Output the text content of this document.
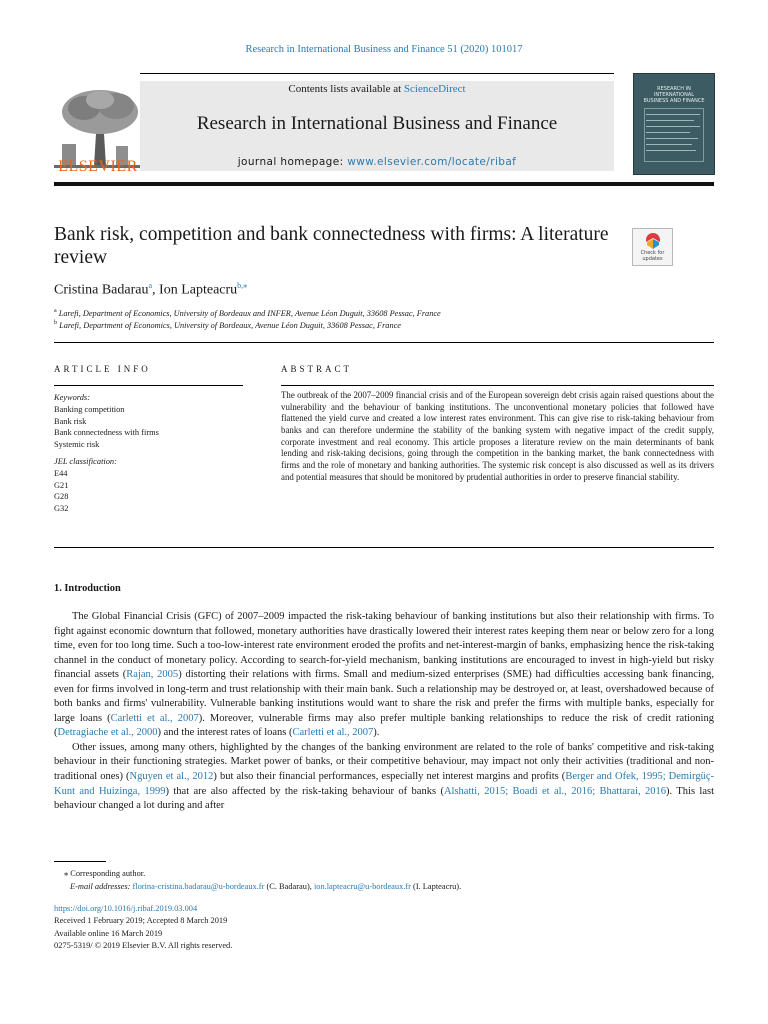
Research in International Business and Finance 51 (2020) 101017
ELSEVIER
Contents lists available at ScienceDirect
Research in International Business and Finance
journal homepage: www.elsevier.com/locate/ribaf
RESEARCH IN INTERNATIONAL BUSINESS AND FINANCE
Bank risk, competition and bank connectedness with firms: A literature review	Check for updates
Cristina Badarau$^a$, Ion Lapteacru$^{b,⁎}$
$^a$ Larefi, Department of Economics, University of Bordeaux and INFER, Avenue Léon Duguit, 33608 Pessac, France
$^b$ Larefi, Department of Economics, University of Bordeaux, Avenue Léon Duguit, 33608 Pessac, France
ARTICLE INFO
Keywords:
Banking competition
Bank risk
Bank connectedness with firms
Systemic risk
JEL classification:
E44
G21
G28
G32
ABSTRACT
The outbreak of the 2007–2009 financial crisis and of the European sovereign debt crisis again raised questions about the vulnerability and the behaviour of banking institutions. The unconventional monetary policies that followed have flattened the yield curve and created a low interest rates environment. This can give rise to risk-taking behaviour from banks and can therefore undermine the stability of the banking system with negative impact of the credit supply, corporate investment and real economy. This article proposes a literature review on the main determinants of bank lending and risk-taking decisions, going through the competition in the banking market, the bank connectedness with firms and the role of monetary and banking authorities. The systemic risk concept is also discussed as well as its drivers and potential measures that should be monitored by prudential authorities in order to preserve financial stability.
1. Introduction

The Global Financial Crisis (GFC) of 2007–2009 impacted the risk-taking behaviour of banking institutions but also their relationship with firms. To fight against economic downturn that followed, monetary authorities have drastically lowered their interest rates keeping them near or below zero for a long time, even for too long time. Such a too-low-interest rate environment eroded the profits and net-interest-margin of banks, emphasizing hence the risk-taking channel in the conduct of monetary policy. According to search-for-yield mechanism, banking institutions are encouraged to invest in high-yield but risky financial assets (Rajan, 2005) distorting their relations with firms. Small and medium-sized enterprises (SME) had difficulties accessing bank financing, even for firms involved in long-term and trust relationship with their main bank. Such a relationship may be destroyed or, at least, overshadowed because of both banks and firms' vulnerability. Vulnerable banking institutions would want to share the risk and prefer the firms with multiple banks, especially for large loans (Carletti et al., 2007). Moreover, vulnerable firms may also prefer multiple banking relationships to reduce the risk of credit rationing (Detragiache et al., 2000) and the interest rates of loans (Carletti et al., 2007).

Other issues, among many others, highlighted by the changes of the banking environment are related to the role of banks' competitive and risk-taking behaviour in their functioning strategies. Market power of banks, or their competitive behaviour, may impact not only their activities (traditional and non-traditional ones) (Nguyen et al., 2012) but also their financial performances, especially net interest margins and profits (Berger and Ofek, 1995; Demirgüç-Kunt and Huizinga, 1999) that are also affected by the risk-taking behaviour of banks (Alshatti, 2015; Boadi et al., 2016; Bhattarai, 2016). This last behaviour changed a lot during and after

⁎ Corresponding author.
E-mail addresses: florina-cristina.badarau@u-bordeaux.fr (C. Badarau), ion.lapteacru@u-bordeaux.fr (I. Lapteacru).
https://doi.org/10.1016/j.ribaf.2019.03.004
Received 1 February 2019; Accepted 8 March 2019
Available online 16 March 2019
0275-5319/ © 2019 Elsevier B.V. All rights reserved.
